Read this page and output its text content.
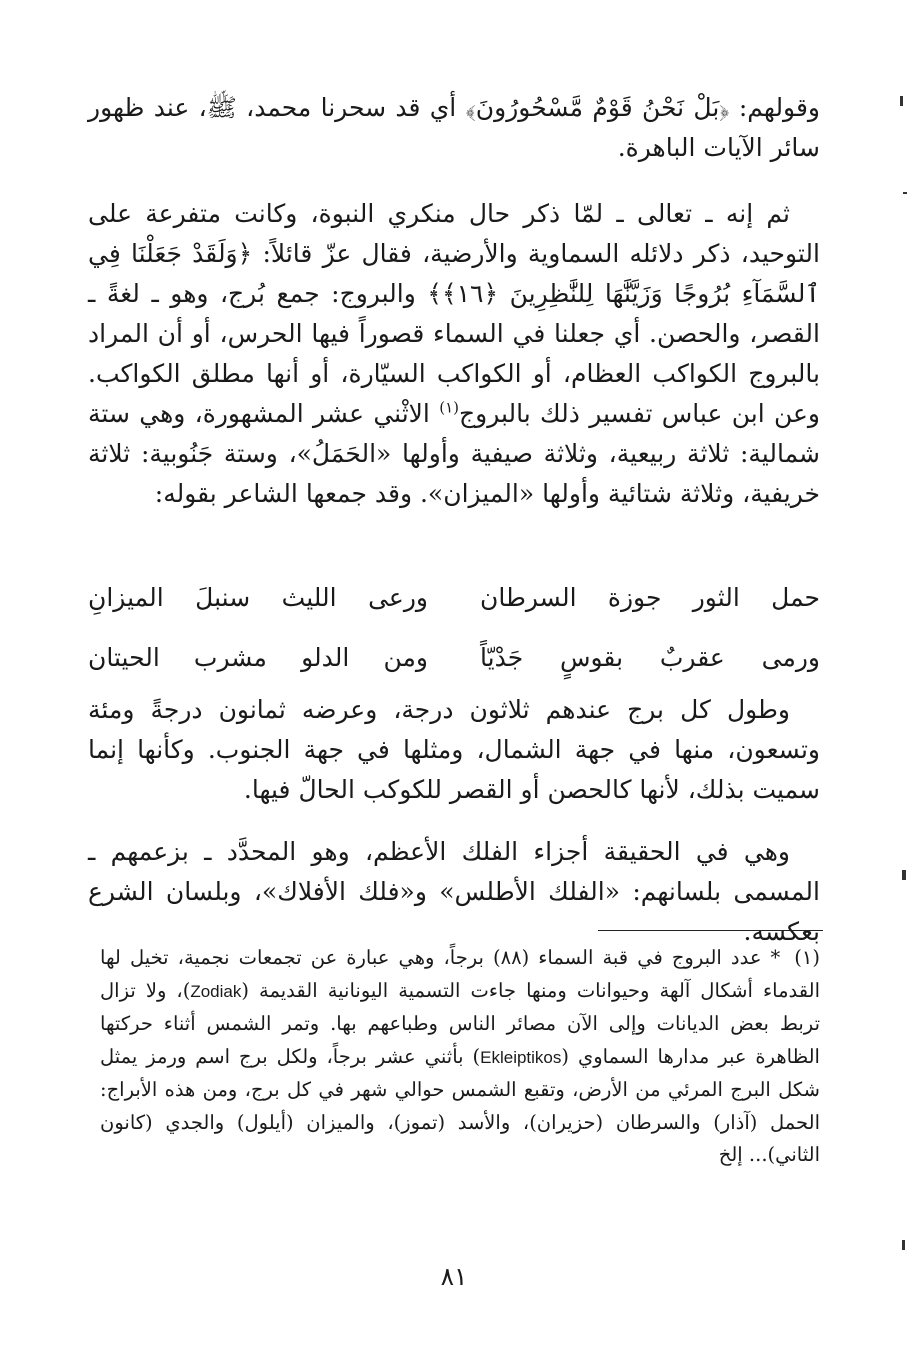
وقولهم: ﴿بَلْ نَحْنُ قَوْمٌ مَّسْحُورُونَ﴾ أي قد سحرنا محمد، ﷺ، عند ظهور سائر الآيات الباهرة.

ثم إنه ـ تعالى ـ لمّا ذكر حال منكري النبوة، وكانت متفرعة على التوحيد، ذكر دلائله السماوية والأرضية، فقال عزّ قائلاً: ﴿وَلَقَدْ جَعَلْنَا فِي ٱلسَّمَآءِ بُرُوجًا وَزَيَّنَّٰهَا لِلنَّٰظِرِينَ ﴿١٦﴾﴾ والبروج: جمع بُرج، وهو ـ لغةً ـ القصر، والحصن. أي جعلنا في السماء قصوراً فيها الحرس، أو أن المراد بالبروج الكواكب العظام، أو الكواكب السيّارة، أو أنها مطلق الكواكب. وعن ابن عباس تفسير ذلك بالبروج$^{(١)}$ الاثْني عشر المشهورة، وهي ستة شمالية: ثلاثة ربيعية، وثلاثة صيفية وأولها «الحَمَلُ»، وستة جَنُوبية: ثلاثة خريفية، وثلاثة شتائية وأولها «الميزان». وقد جمعها الشاعر بقوله:

حمل الثور جوزة السرطان
ورعى الليث سنبلَ الميزانِ
ورمى عقربٌ بقوسٍ جَدْيّاً
ومن الدلو مشرب الحيتان

وطول كل برج عندهم ثلاثون درجة، وعرضه ثمانون درجةً ومئة وتسعون، منها في جهة الشمال، ومثلها في جهة الجنوب. وكأنها إنما سميت بذلك، لأنها كالحصن أو القصر للكوكب الحالّ فيها.

وهي في الحقيقة أجزاء الفلك الأعظم، وهو المحدَّد ـ بزعمهم ـ المسمى بلسانهم: «الفلك الأطلس» و«فلك الأفلاك»، وبلسان الشرع بعكسه.

(١)* عدد البروج في قبة السماء (٨٨) برجاً، وهي عبارة عن تجمعات نجمية، تخيل لها القدماء أشكال آلهة وحيوانات ومنها جاءت التسمية اليونانية القديمة (Zodiak)، ولا تزال تربط بعض الديانات وإلى الآن مصائر الناس وطباعهم بها. وتمر الشمس أثناء حركتها الظاهرة عبر مدارها السماوي (Ekleiptikos) بأثني عشر برجاً، ولكل برج اسم ورمز يمثل شكل البرج المرئي من الأرض، وتقبع الشمس حوالي شهر في كل برج، ومن هذه الأبراج: الحمل (آذار) والسرطان (حزيران)، والأسد (تموز)، والميزان (أيلول) والجدي (كانون الثاني)... إلخ
٨١
